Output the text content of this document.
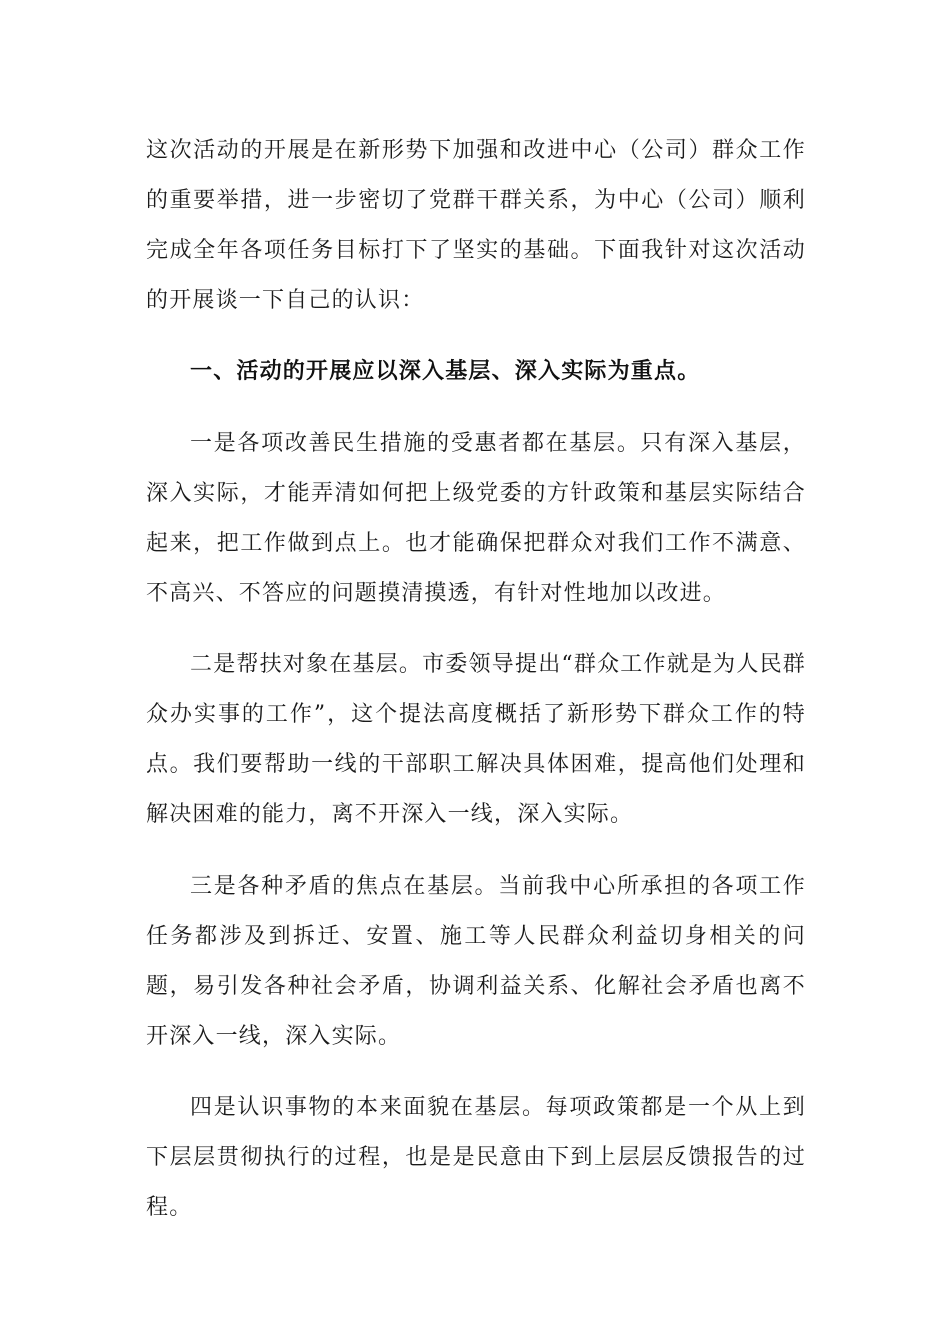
这次活动的开展是在新形势下加强和改进中心（公司）群众工作的重要举措，进一步密切了党群干群关系，为中心（公司）顺利完成全年各项任务目标打下了坚实的基础。下面我针对这次活动的开展谈一下自己的认识：

一、活动的开展应以深入基层、深入实际为重点。

一是各项改善民生措施的受惠者都在基层。只有深入基层，深入实际，才能弄清如何把上级党委的方针政策和基层实际结合起来，把工作做到点上。也才能确保把群众对我们工作不满意、不高兴、不答应的问题摸清摸透，有针对性地加以改进。

二是帮扶对象在基层。市委领导提出“群众工作就是为人民群众办实事的工作”，这个提法高度概括了新形势下群众工作的特点。我们要帮助一线的干部职工解决具体困难，提高他们处理和解决困难的能力，离不开深入一线，深入实际。

三是各种矛盾的焦点在基层。当前我中心所承担的各项工作任务都涉及到拆迁、安置、施工等人民群众利益切身相关的问题，易引发各种社会矛盾，协调利益关系、化解社会矛盾也离不开深入一线，深入实际。

四是认识事物的本来面貌在基层。每项政策都是一个从上到下层层贯彻执行的过程，也是是民意由下到上层层反馈报告的过程。
